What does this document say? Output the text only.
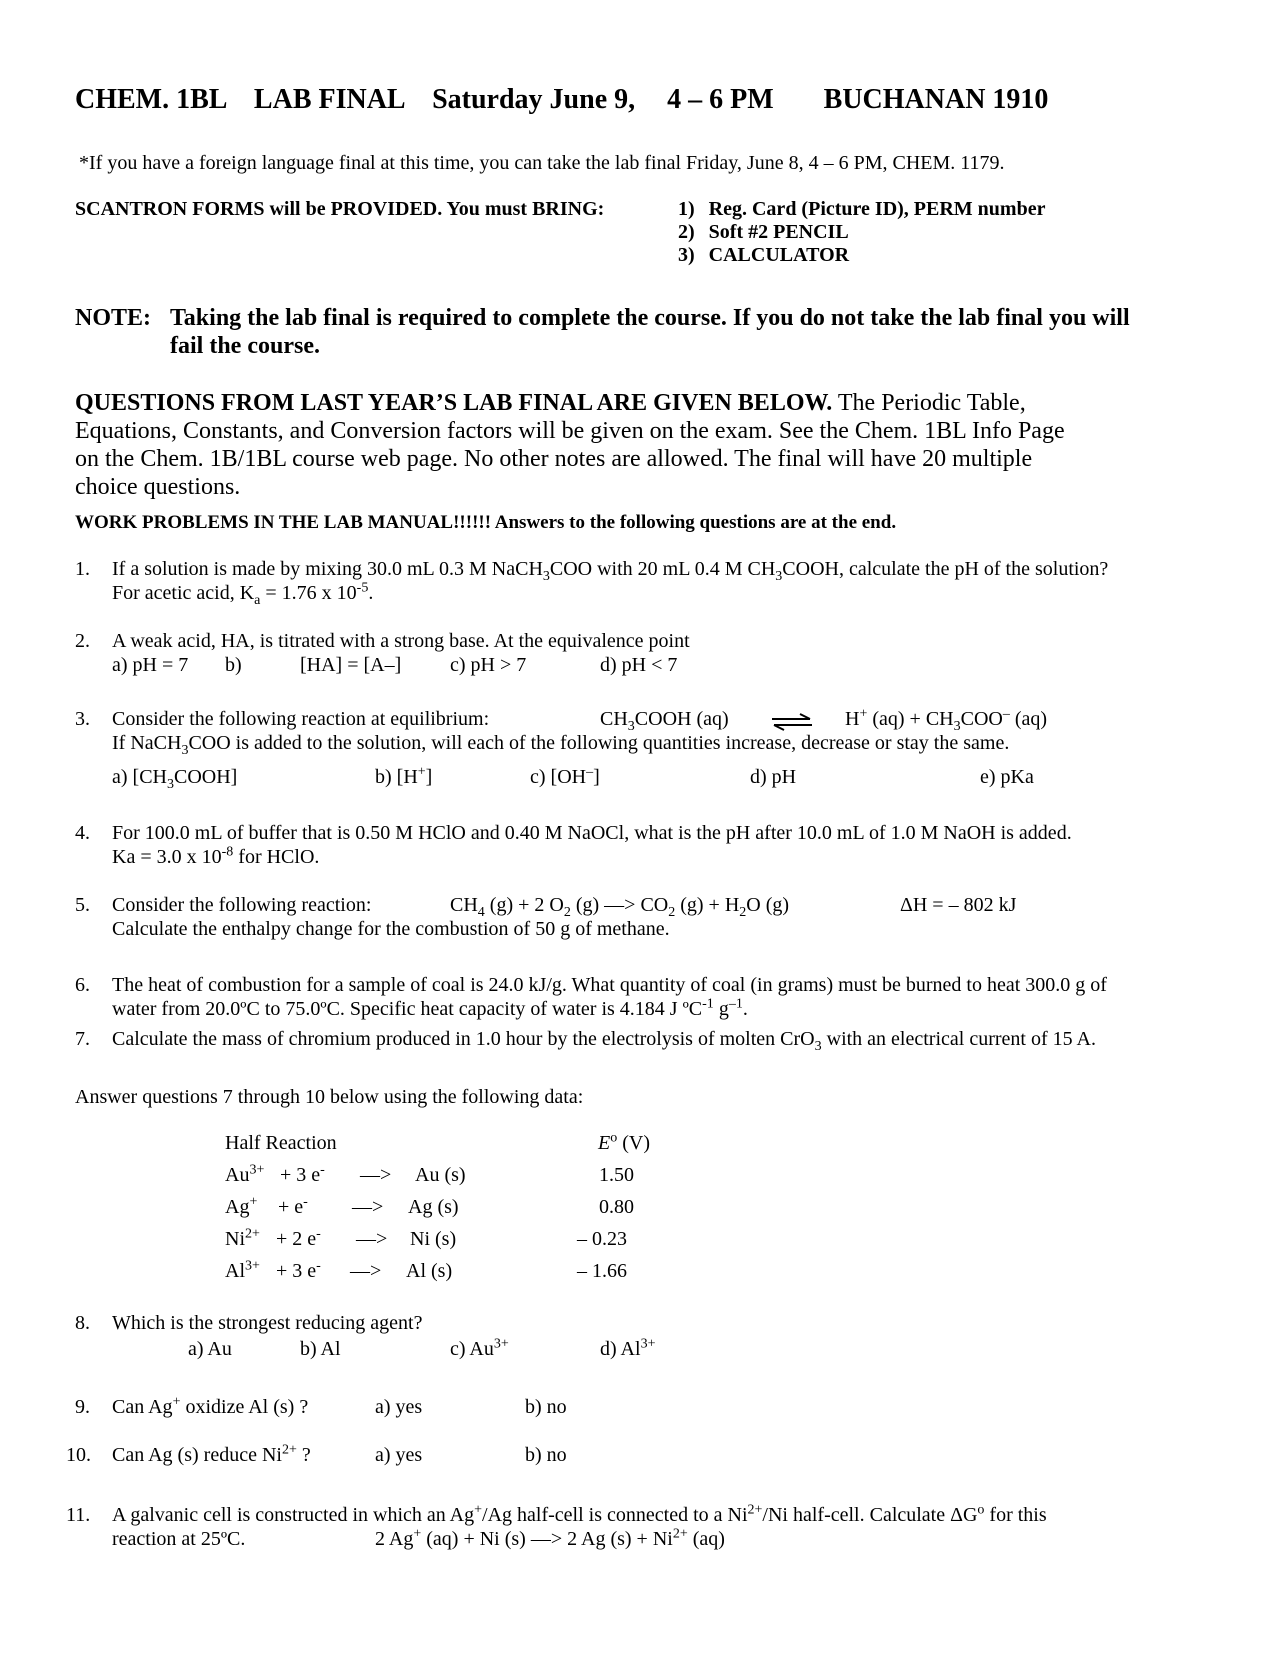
CHEM. 1BL LAB FINAL Saturday June 9, 4 – 6 PM BUCHANAN 1910
*If you have a foreign language final at this time, you can take the lab final Friday, June 8, 4 – 6 PM, CHEM. 1179.
SCANTRON FORMS will be PROVIDED. You must BRING:	1) Reg. Card (Picture ID), PERM number
2) Soft #2 PENCIL
3) CALCULATOR
NOTE: Taking the lab final is required to complete the course. If you do not take the lab final you will
fail the course.
QUESTIONS FROM LAST YEAR’S LAB FINAL ARE GIVEN BELOW. The Periodic Table,
Equations, Constants, and Conversion factors will be given on the exam. See the Chem. 1BL Info Page
on the Chem. 1B/1BL course web page. No other notes are allowed. The final will have 20 multiple
choice questions.
WORK PROBLEMS IN THE LAB MANUAL!!!!!! Answers to the following questions are at the end.
1. If a solution is made by mixing 30.0 mL 0.3 M NaCH$_3$COO with 20 mL 0.4 M $CH_3COOH$, calculate the pH of the solution?
For acetic acid, $K_a = 1.76$ x $10^{-5}$.
2. A weak acid, HA, is titrated with a strong base. At the equivalence point
a) pH = 7 b)	[HA] = [A–] c) pH > 7	d) pH < 7
3. Consider the following reaction at equilibrium:	$CH_3COOH$ (aq)	H+ $(aq) + CH_3COO^-$ (aq)
If NaCH$_3$COO is added to the solution, will each of the following quantities increase, decrease or stay the same.
a) $[CH_3COOH]$	b) [H+]	c) [OH–]	d) pH	e) pKa
4. For 100.0 mL of buffer that is 0.50 M HClO and 0.40 M NaOCl, what is the pH after 10.0 mL of 1.0 M NaOH is added.
Ka = 3.0 x $10^{-8}$ for HClO.
5. Consider the following reaction:	$CH_4$ (g) + 2 $O_2$ (g) —> $CO_2$ $(g) + H_2O$ (g)	ΔH = – 802 kJ
Calculate the enthalpy change for the combustion of 50 g of methane.
6. The heat of combustion for a sample of coal is 24.0 kJ/g. What quantity of coal (in grams) must be burned to heat 300.0 g of
water from 20.0ºC to 75.0ºC. Specific heat capacity of water is 4.184 J ºC$^{-1}$ $g^{-1}$.
7. Calculate the mass of chromium produced in 1.0 hour by the electrolysis of molten CrO$_3$ with an electrical current of 15 A.
Answer questions 7 through 10 below using the following data:
Half Reaction	$E^o$ (V)
$Au^{3+} + 3$ e- —> Au (s)	1.50
Ag+ + e- —> Ag (s)	0.80
$Ni^{2+} + 2$ e- —> Ni (s)	– 0.23
$Al^{3+} + 3$ e- —> Al (s)	– 1.66
8. Which is the strongest reducing agent?
a) Au	b) Al	c) $Au^{3+}$	d) $Al^{3+}$
9. Can Ag+ oxidize Al (s) ?	a) yes	b) no
10. Can Ag (s) reduce $Ni^{2+}$ ?	a) yes	b) no
11. A galvanic cell is constructed in which an Ag+/Ag half-cell is connected to a $Ni^{2+}/Ni$ half-cell. Calculate $\Delta G^o$ for this
reaction at 25ºC.	2 Ag+ (aq) + Ni (s) —> 2 Ag $(s) + Ni^{2+}$ (aq)
